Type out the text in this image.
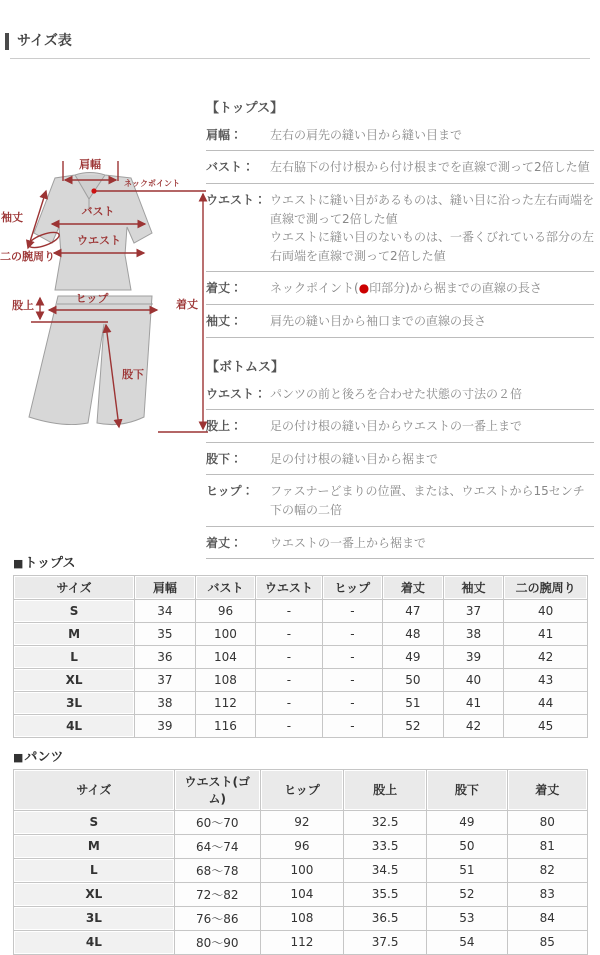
サイズ表
肩幅
ネックポイント
袖丈
二の腕周り
バスト
ウエスト
ヒップ
股上
股下
着丈
【トップス】
肩幅：	左右の肩先の縫い目から縫い目まで
バスト：	左右脇下の付け根から付け根までを直線で測って2倍した値
ウエスト： ウエストに縫い目があるものは、縫い目に沿った左右両端を直線で測って2倍した値
ウエストに縫い目のないものは、一番くびれている部分の左右両端を直線で測って2倍した値
着丈：	ネックポイント(●印部分)から裾までの直線の長さ
袖丈：	肩先の縫い目から袖口までの直線の長さ
【ボトムス】
ウエスト： パンツの前と後ろを合わせた状態の寸法の２倍
股上：	足の付け根の縫い目からウエストの一番上まで
股下：	足の付け根の縫い目から裾まで
ヒップ：	ファスナーどまりの位置、または、ウエストから15センチ下の幅の二倍
着丈：	ウエストの一番上から裾まで
■トップス
サイズ	肩幅	バスト	ウエスト	ヒップ	着丈	袖丈	二の腕周り
S	34	96	-	-	47	37	40
M	35	100	-	-	48	38	41
L	36	104	-	-	49	39	42
XL	37	108	-	-	50	40	43
3L	38	112	-	-	51	41	44
4L	39	116	-	-	52	42	45
■パンツ
サイズ	ウエスト(ゴム)	ヒップ	股上	股下	着丈
S	60～70	92	32.5	49	80
M	64～74	96	33.5	50	81
L	68～78	100	34.5	51	82
XL	72～82	104	35.5	52	83
3L	76～86	108	36.5	53	84
4L	80～90	112	37.5	54	85
